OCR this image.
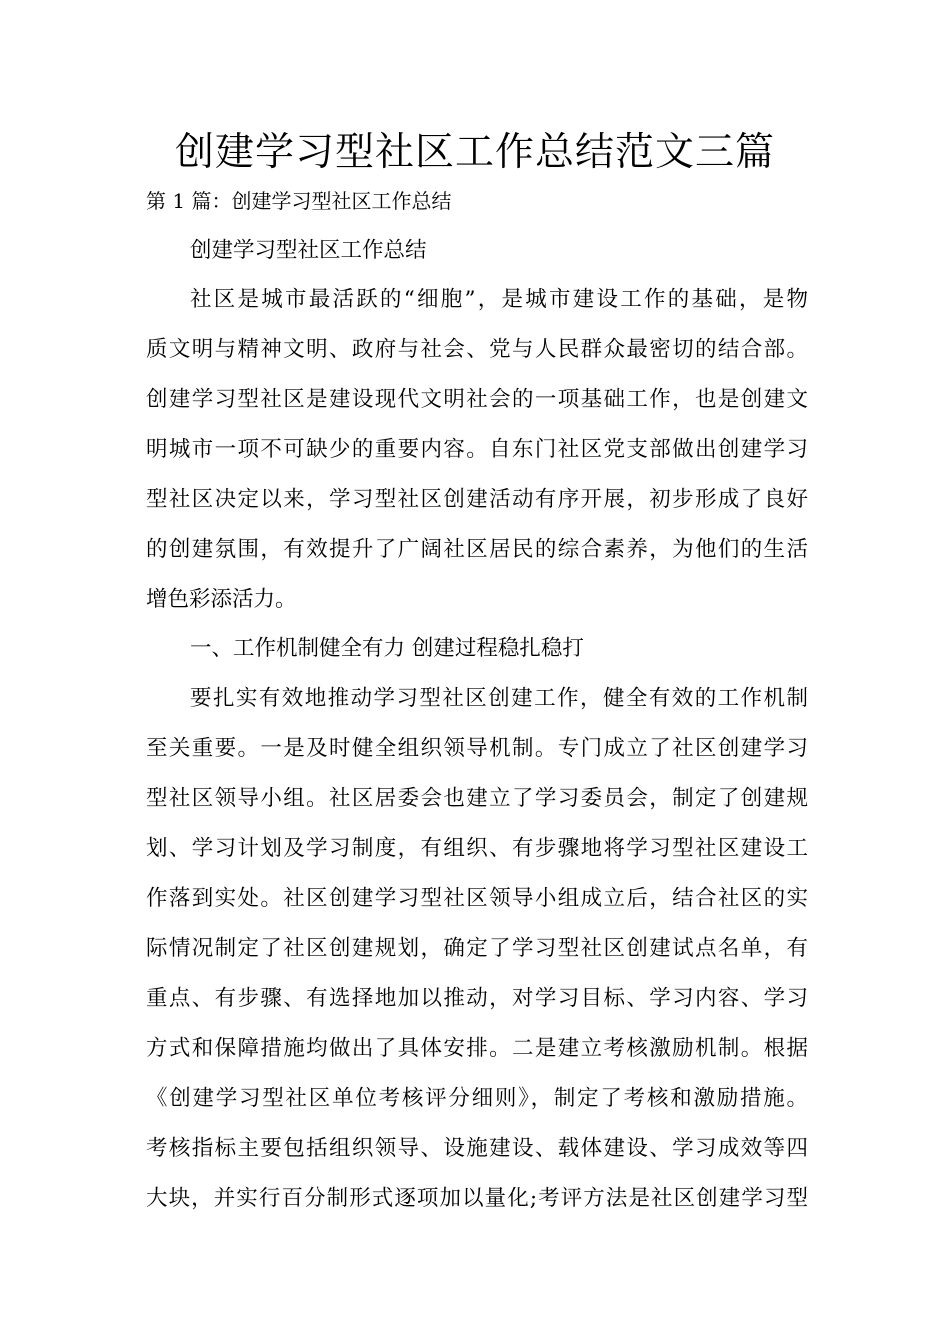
创建学习型社区工作总结范文三篇
第 1 篇：创建学习型社区工作总结
创建学习型社区工作总结
社区是城市最活跃的“细胞”，是城市建设工作的基础，是物
质文明与精神文明、政府与社会、党与人民群众最密切的结合部。
创建学习型社区是建设现代文明社会的一项基础工作，也是创建文
明城市一项不可缺少的重要内容。自东门社区党支部做出创建学习
型社区决定以来，学习型社区创建活动有序开展，初步形成了良好
的创建氛围，有效提升了广阔社区居民的综合素养，为他们的生活
增色彩添活力。
一、工作机制健全有力 创建过程稳扎稳打
要扎实有效地推动学习型社区创建工作，健全有效的工作机制
至关重要。一是及时健全组织领导机制。专门成立了社区创建学习
型社区领导小组。社区居委会也建立了学习委员会，制定了创建规
划、学习计划及学习制度，有组织、有步骤地将学习型社区建设工
作落到实处。社区创建学习型社区领导小组成立后，结合社区的实
际情况制定了社区创建规划，确定了学习型社区创建试点名单，有
重点、有步骤、有选择地加以推动，对学习目标、学习内容、学习
方式和保障措施均做出了具体安排。二是建立考核激励机制。根据
《创建学习型社区单位考核评分细则》，制定了考核和激励措施。
考核指标主要包括组织领导、设施建设、载体建设、学习成效等四
大块，并实行百分制形式逐项加以量化;考评方法是社区创建学习型
